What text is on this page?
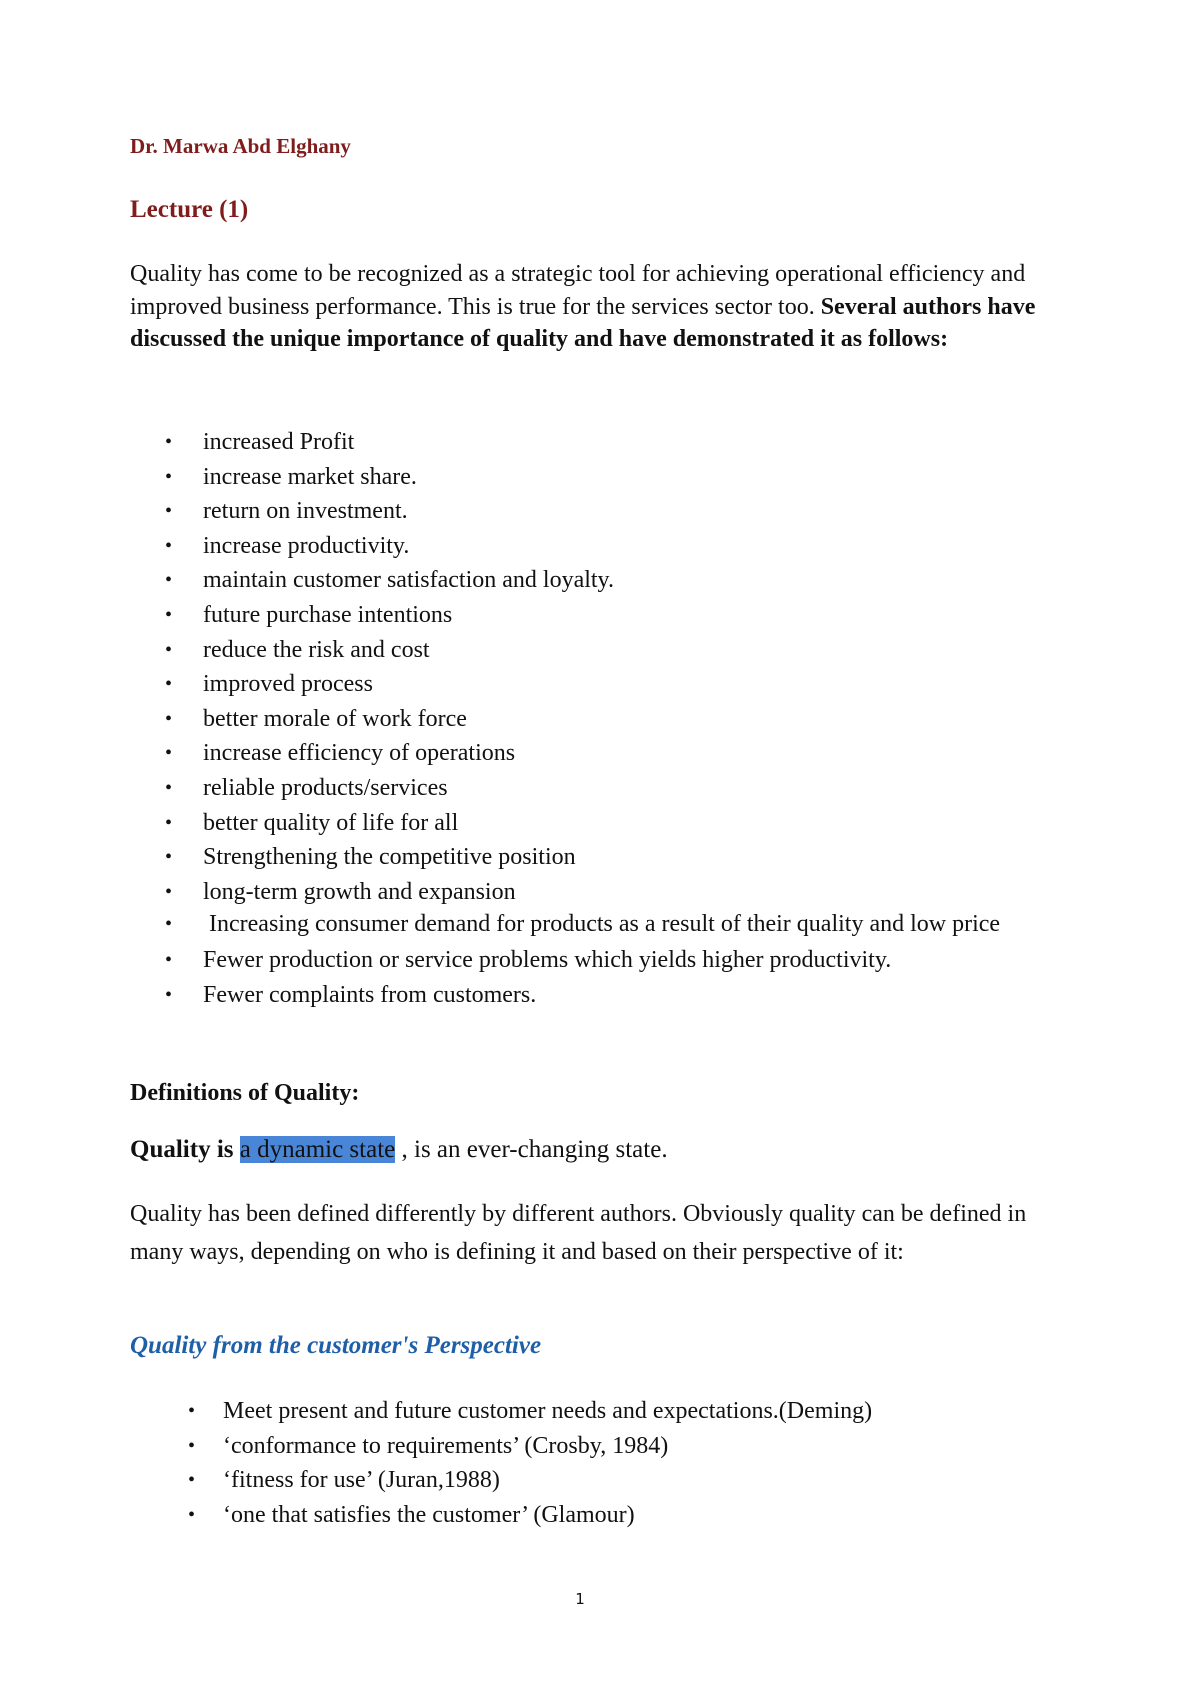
Dr. Marwa Abd Elghany

Lecture (1)

Quality has come to be recognized as a strategic tool for achieving operational efficiency and improved business performance. This is true for the services sector too. Several authors have discussed the unique importance of quality and have demonstrated it as follows:

• increased Profit
• increase market share.
• return on investment.
• increase productivity.
• maintain customer satisfaction and loyalty.
• future purchase intentions
• reduce the risk and cost
• improved process
• better morale of work force
• increase efficiency of operations
• reliable products/services
• better quality of life for all
• Strengthening the competitive position
• long-term growth and expansion
• Increasing consumer demand for products as a result of their quality and low price
• Fewer production or service problems which yields higher productivity.
• Fewer complaints from customers.
Definitions of Quality:

Quality is a dynamic state , is an ever-changing state.

Quality has been defined differently by different authors. Obviously quality can be defined in many ways, depending on who is defining it and based on their perspective of it:

Quality from the customer's Perspective
• Meet present and future customer needs and expectations.(Deming)
• ‘conformance to requirements’ (Crosby, 1984)
• ‘fitness for use’ (Juran,1988)
• ‘one that satisfies the customer’ (Glamour)

1
